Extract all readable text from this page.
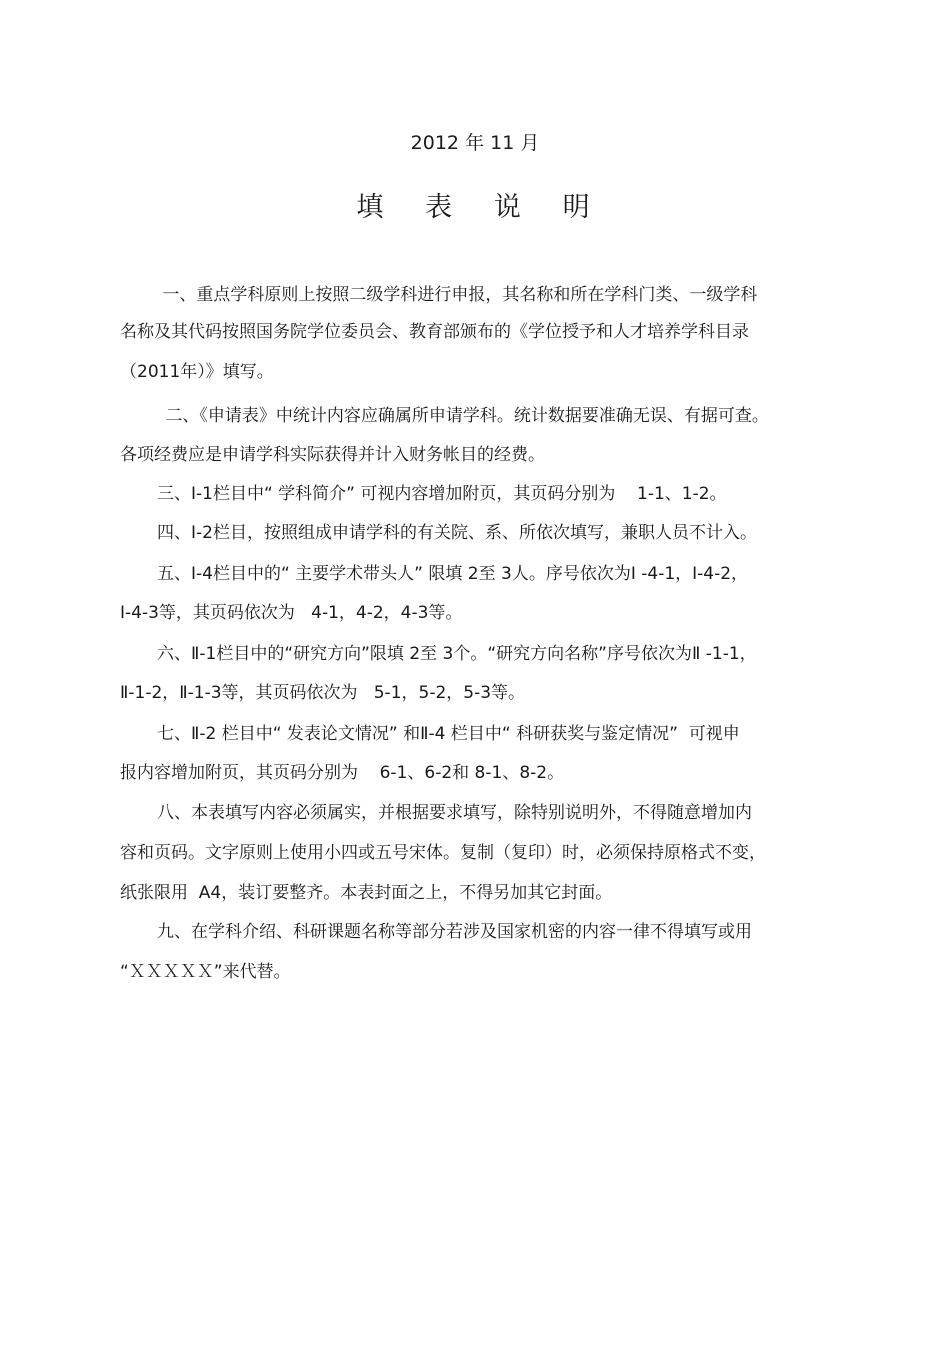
2012 年 11 月
填   表   说   明

一、重点学科原则上按照二级学科进行申报，其名称和所在学科门类、一级学科

名称及其代码按照国务院学位委员会、教育部颁布的《学位授予和人才培养学科目录

（2011年）》填写。

二、《申请表》中统计内容应确属所申请学科。统计数据要准确无误、有据可查。

各项经费应是申请学科实际获得并计入财务帐目的经费。

三、Ⅰ-1栏目中“ 学科简介” 可视内容增加附页，其页码分别为    1-1、1-2。

四、Ⅰ-2栏目，按照组成申请学科的有关院、系、所依次填写，兼职人员不计入。

五、Ⅰ-4栏目中的“ 主要学术带头人” 限填 2至 3人。序号依次为Ⅰ -4-1，Ⅰ-4-2，

Ⅰ-4-3等，其页码依次为   4-1，4-2，4-3等。

六、Ⅱ-1栏目中的“研究方向”限填 2至 3个。“研究方向名称”序号依次为Ⅱ -1-1，

Ⅱ-1-2，Ⅱ-1-3等，其页码依次为   5-1，5-2，5-3等。

七、Ⅱ-2 栏目中“ 发表论文情况” 和Ⅱ-4 栏目中“ 科研获奖与鉴定情况”  可视申

报内容增加附页，其页码分别为    6-1、6-2和 8-1、8-2。

八、本表填写内容必须属实，并根据要求填写，除特别说明外，不得随意增加内

容和页码。文字原则上使用小四或五号宋体。复制（复印）时，必须保持原格式不变，

纸张限用  A4，装订要整齐。本表封面之上，不得另加其它封面。

九、在学科介绍、科研课题名称等部分若涉及国家机密的内容一律不得填写或用

“ＸＸＸＸＸ”来代替。
